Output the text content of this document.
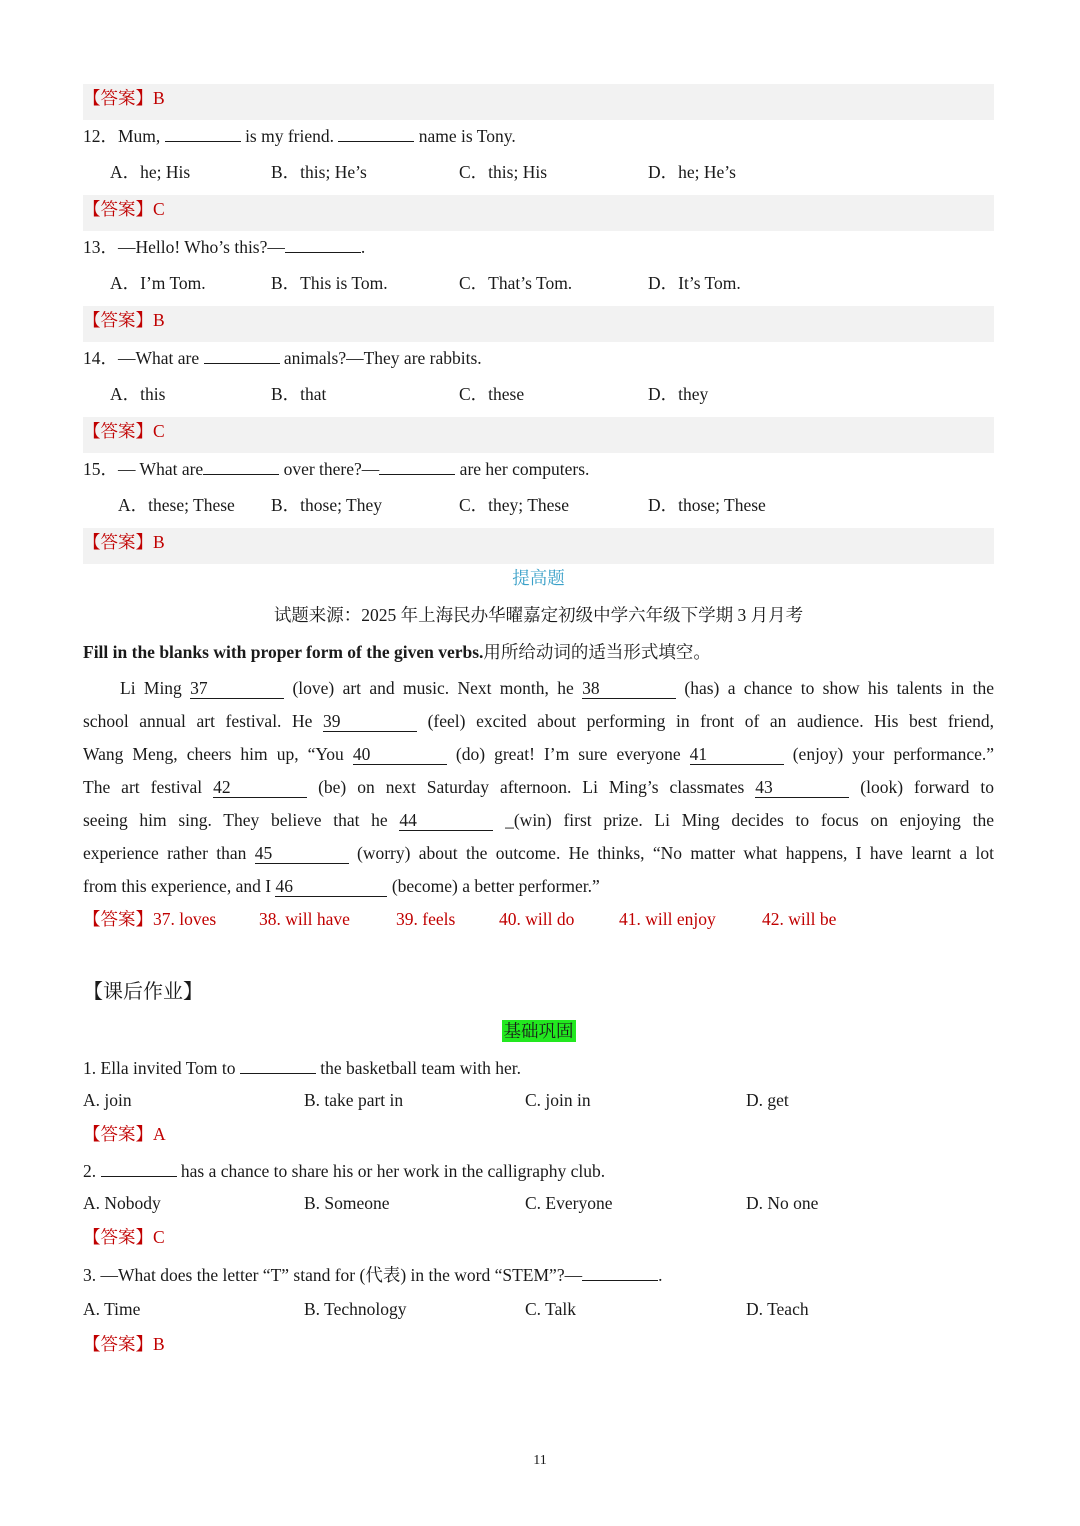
【答案】B
12．Mum,	is my friend.	name is Tony.
A．he; His	B．this; He’s	C．this; His	D．he; He’s
【答案】C
13．—Hello! Who’s this?—	.
A．I’m Tom.	B．This is Tom.	C．That’s Tom.	D．It’s Tom.
【答案】B
14．—What are	animals?—They are rabbits.
A．this	B．that	C．these	D．they
【答案】C
15．— What are	over there?—	are her computers.
A．these; These B．those; They	C．they; These	D．those; These
【答案】B
提高题
试题来源：2025 年上海民办华曜嘉定初级中学六年级下学期 3 月月考
Fill in the blanks with proper form of the given verbs.用所给动词的适当形式填空。
Li Ming 37	(love) art and music. Next month, he 38	(has) a chance to show his talents in the
school annual art festival. He 39	(feel) excited about performing in front of an audience. His best friend,
Wang Meng, cheers him up, “You 40	(do) great! I’m sure everyone 41	(enjoy) your performance.”
The art festival 42	(be) on next Saturday afternoon. Li Ming’s classmates 43	(look) forward to
seeing him sing. They believe that he 44	_(win) first prize. Li Ming decides to focus on enjoying the
experience rather than 45	(worry) about the outcome. He thinks, “No matter what happens, I have learnt a lot
from this experience, and I 46	(become) a better performer.”
【答案】37. loves 38. will have	39. feels 40. will do	41. will enjoy	42. will be
【课后作业】
基础巩固
1. Ella invited Tom to	the basketball team with her.
A. join	B. take part in	C. join in	D. get
【答案】A
2.	has a chance to share his or her work in the calligraphy club.
A. Nobody	B. Someone	C. Everyone	D. No one
【答案】C
3. —What does the letter “T” stand for (代表) in the word “STEM”?—	.
A. Time	B. Technology	C. Talk	D. Teach
【答案】B
11
